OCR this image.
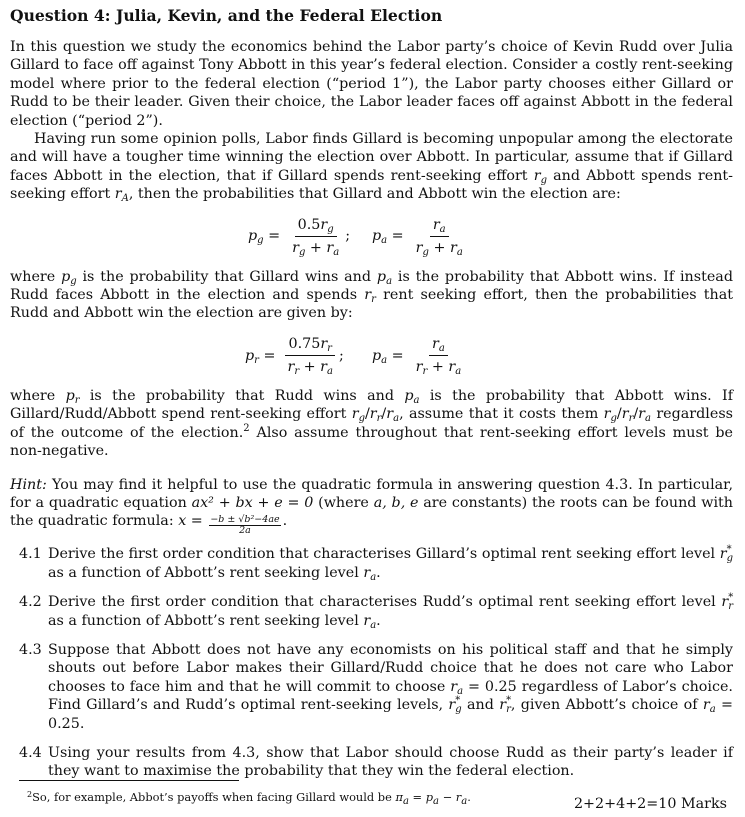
Question 4: Julia, Kevin, and the Federal Election

In this question we study the economics behind the Labor party’s choice of Kevin Rudd over Julia Gillard to face off against Tony Abbott in this year’s federal election. Consider a costly rent-seeking model where prior to the federal election (“period 1”), the Labor party chooses either Gillard or Rudd to be their leader. Given their choice, the Labor leader faces off against Abbott in the federal election (“period 2”).

Having run some opinion polls, Labor finds Gillard is becoming unpopular among the electorate and will have a tougher time winning the election over Abbott. In particular, assume that if Gillard faces Abbott in the election, that if Gillard spends rent-seeking effort $r_g$ and Abbott spends rent-seeking effort $r_A$, then the probabilities that Gillard and Abbott win the election are:

$p_g = \frac{0.5r_g}{r_g + r_a}$ ; $p_a = \frac{r_a}{r_g + r_a}$

where $p_g$ is the probability that Gillard wins and $p_a$ is the probability that Abbott wins. If instead Rudd faces Abbott in the election and spends $r_r$ rent seeking effort, then the probabilities that Rudd and Abbott win the election are given by:

$p_r = \frac{0.75r_r}{r_r + r_a}$ ; $p_a = \frac{r_a}{r_r + r_a}$

where $p_r$ is the probability that Rudd wins and $p_a$ is the probability that Abbott wins. If Gillard/Rudd/Abbott spend rent-seeking effort $r_g/r_r/r_a$, assume that it costs them $r_g/r_r/r_a$ regardless of the outcome of the election.$^2$ Also assume throughout that rent-seeking effort levels must be non-negative.

Hint: You may find it helpful to use the quadratic formula in answering question 4.3. In particular, for a quadratic equation ax² + bx + e = 0 (where a, b, e are constants) the roots can be found with the quadratic formula: $x = \frac{\text{−b ± √b²−4ae}}{2a}$ .

4.1 Derive the first order condition that characterises Gillard’s optimal rent seeking effort level $r^*_g$ as a function of Abbott’s rent seeking level $r_a$.
4.2 Derive the first order condition that characterises Rudd’s optimal rent seeking effort level $r^*_r$ as a function of Abbott’s rent seeking level $r_a$.
4.3 Suppose that Abbott does not have any economists on his political staff and that he simply shouts out before Labor makes their Gillard/Rudd choice that he does not care who Labor chooses to face him and that he will commit to choose $r_a = 0.25$ regardless of Labor’s choice. Find Gillard’s and Rudd’s optimal rent-seeking levels, $r^*_g$ and $r^*_r$, given Abbott’s choice of $r_a = 0.25$.
4.4 Using your results from 4.3, show that Labor should choose Rudd as their party’s leader if they want to maximise the probability that they win the federal election.
2+2+4+2=10 Marks
$^2$So, for example, Abbot’s payoffs when facing Gillard would be $\pi_a = p_a - r_a$.
